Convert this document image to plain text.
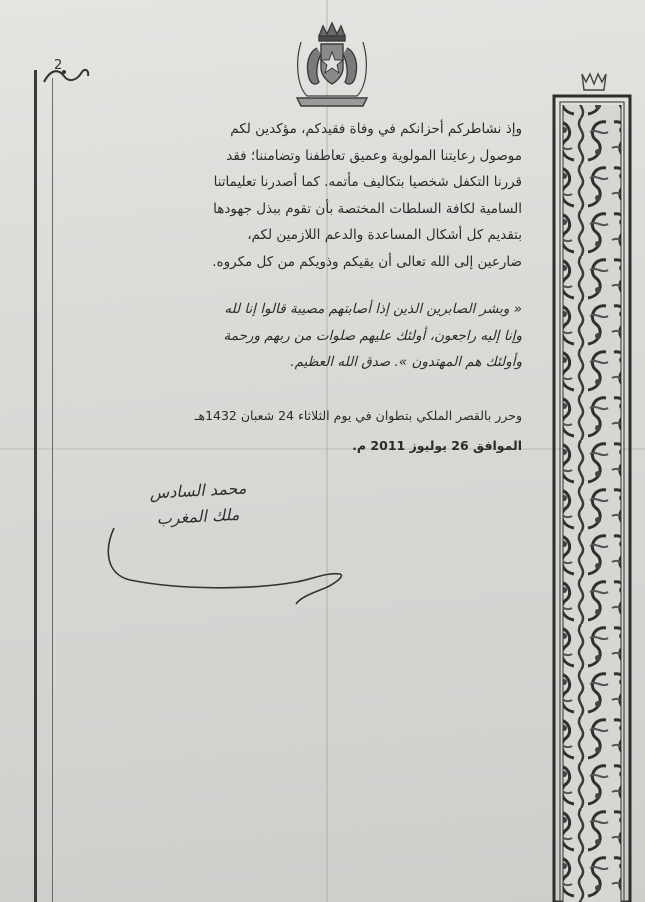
2
وإذ نشاطركم أحزانكم في وفاة فقيدكم، مؤكدين لكم
موصول رعايتنا المولوية وعميق تعاطفنا وتضامننا؛ فقد
قررنا التكفل شخصيا بتكاليف مأتمه. كما أصدرنا تعليماتنا
السامية لكافة السلطات المختصة بأن تقوم ببذل جهودها
بتقديم كل أشكال المساعدة والدعم اللازمين لكم،
ضارعين إلى الله تعالى أن يقيكم وذويكم من كل مكروه.
« وبشر الصابرين الذين إذا أصابتهم مصيبة قالوا إنا لله
وإنا إليه راجعون، أولئك عليهم صلوات من ربهم ورحمة
وأولئك هم المهتدون ». صدق الله العظيم.
وحرر بالقصر الملكي بتطوان في يوم الثلاثاء 24 شعبان 1432هـ
الموافق 26 يوليوز 2011 م.
محمد السادس
ملك المغرب
